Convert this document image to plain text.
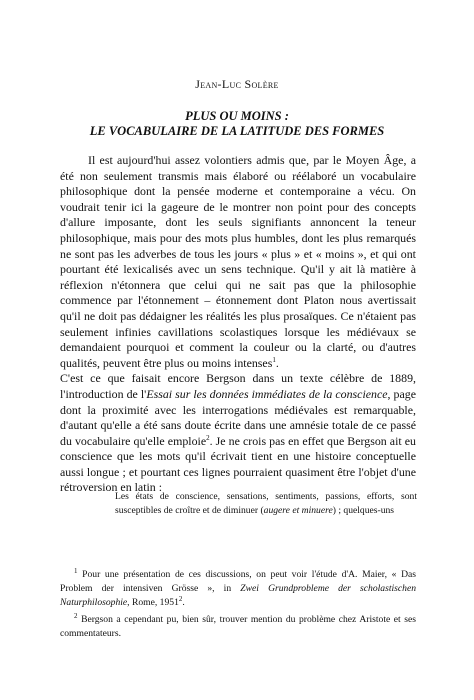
Jean-Luc Solère
PLUS OU MOINS :
LE VOCABULAIRE DE LA LATITUDE DES FORMES

Il est aujourd'hui assez volontiers admis que, par le Moyen Âge, a été non seulement transmis mais élaboré ou réélaboré un vocabulaire philosophique dont la pensée moderne et contemporaine a vécu. On voudrait tenir ici la gageure de le montrer non point pour des concepts d'allure imposante, dont les seuls signifiants annoncent la teneur philosophique, mais pour des mots plus humbles, dont les plus remarqués ne sont pas les adverbes de tous les jours « plus » et « moins », et qui ont pourtant été lexicalisés avec un sens technique. Qu'il y ait là matière à réflexion n'étonnera que celui qui ne sait pas que la philosophie commence par l'étonnement – étonnement dont Platon nous avertissait qu'il ne doit pas dédaigner les réalités les plus prosaïques. Ce n'étaient pas seulement infinies cavillations scolastiques lorsque les médiévaux se demandaient pourquoi et comment la couleur ou la clarté, ou d'autres qualités, peuvent être plus ou moins intenses$^1$.

C'est ce que faisait encore Bergson dans un texte célèbre de 1889, l'introduction de l'Essai sur les données immédiates de la conscience, page dont la proximité avec les interrogations médiévales est remarquable, d'autant qu'elle a été sans doute écrite dans une amnésie totale de ce passé du vocabulaire qu'elle emploie$^2$. Je ne crois pas en effet que Bergson ait eu conscience que les mots qu'il écrivait tient en une histoire conceptuelle aussi longue ; et pourtant ces lignes pourraient quasiment être l'objet d'une rétroversion en latin :

Les états de conscience, sensations, sentiments, passions, efforts, sont susceptibles de croître et de diminuer (augere et minuere) ; quelques-uns

$^1$ Pour une présentation de ces discussions, on peut voir l'étude d'A. Maier, « Das Problem der intensiven Grösse », in Zwei Grundprobleme der scholastischen Naturphilosophie, Rome, 1951$^2$.

$^2$ Bergson a cependant pu, bien sûr, trouver mention du problème chez Aristote et ses commentateurs.
